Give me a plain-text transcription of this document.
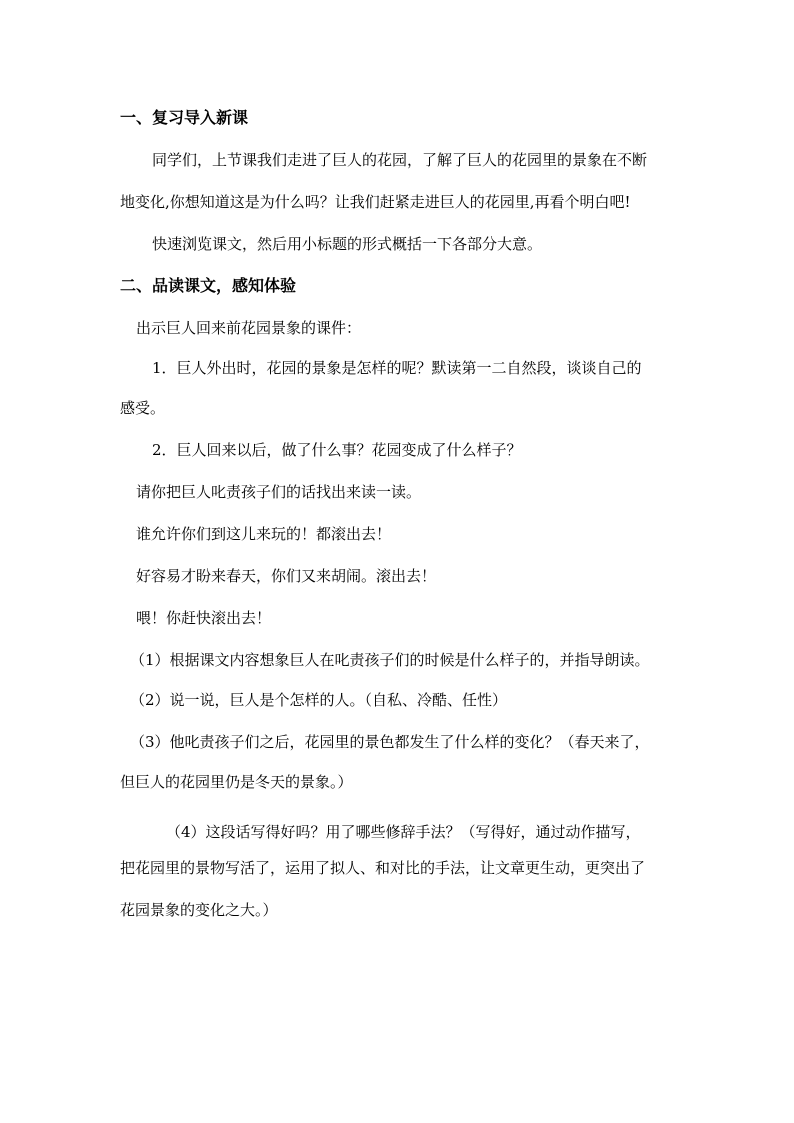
一、复习导入新课
同学们，上节课我们走进了巨人的花园，了解了巨人的花园里的景象在不断
地变化,你想知道这是为什么吗？让我们赶紧走进巨人的花园里,再看个明白吧!
快速浏览课文，然后用小标题的形式概括一下各部分大意。
二、品读课文，感知体验
出示巨人回来前花园景象的课件：
1．巨人外出时，花园的景象是怎样的呢？默读第一二自然段，谈谈自己的
感受。
2．巨人回来以后，做了什么事？花园变成了什么样子？
请你把巨人叱责孩子们的话找出来读一读。
谁允许你们到这儿来玩的！都滚出去！
好容易才盼来春天，你们又来胡闹。滚出去！
喂！你赶快滚出去！
（1）根据课文内容想象巨人在叱责孩子们的时候是什么样子的，并指导朗读。
（2）说一说，巨人是个怎样的人。（自私、冷酷、任性）
（3）他叱责孩子们之后，花园里的景色都发生了什么样的变化？（春天来了，
但巨人的花园里仍是冬天的景象。）
（4）这段话写得好吗？用了哪些修辞手法？（写得好，通过动作描写，
把花园里的景物写活了，运用了拟人、和对比的手法，让文章更生动，更突出了
花园景象的变化之大。）
